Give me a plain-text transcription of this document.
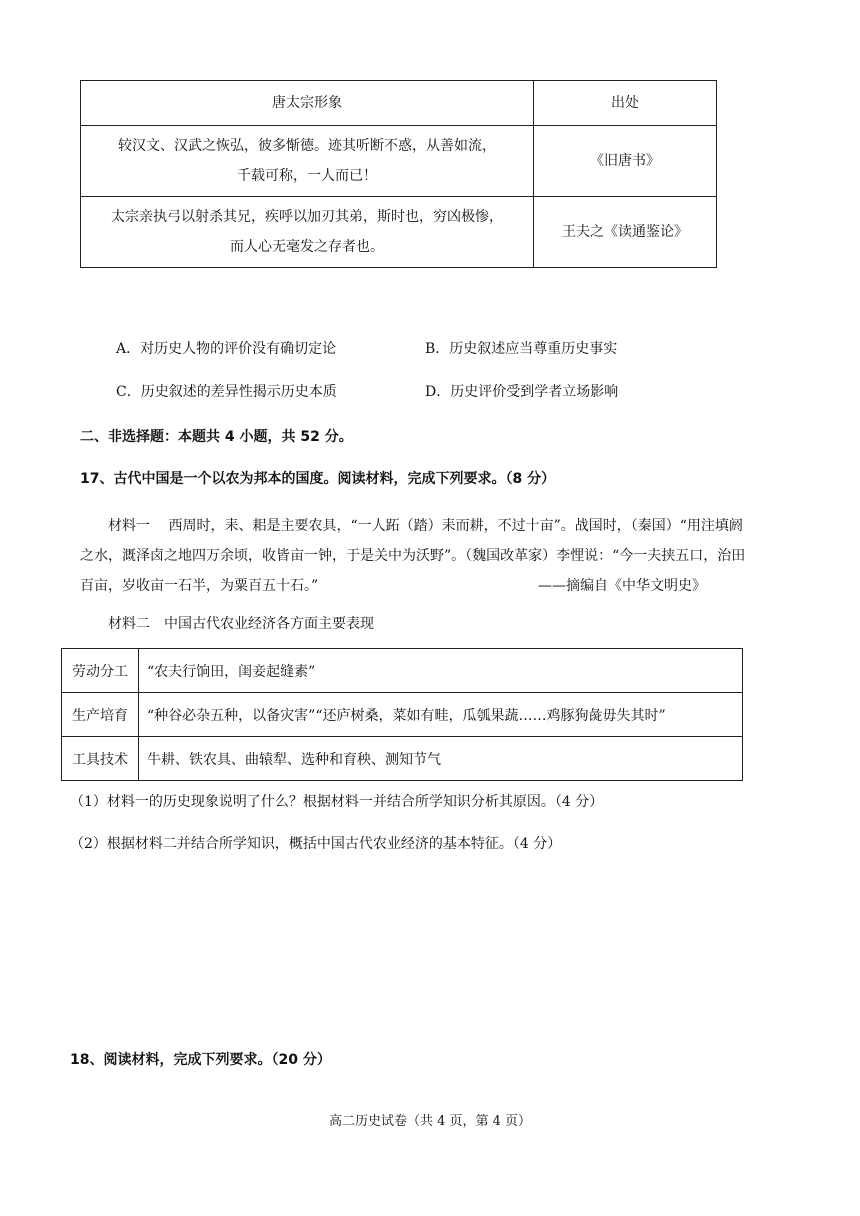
唐太宗形象	出处

较汉文、汉武之恢弘，彼多惭德。迹其听断不惑，从善如流，
千载可称，一人而已！	《旧唐书》

太宗亲执弓以射杀其兄，疾呼以加刃其弟，斯时也，穷凶极惨，
而人心无毫发之存者也。	王夫之《读通鉴论》
A．对历史人物的评价没有确切定论	B．历史叙述应当尊重历史事实
C．历史叙述的差异性揭示历史本质	D．历史评价受到学者立场影响
二、非选择题：本题共 4 小题，共 52 分。
17、古代中国是一个以农为邦本的国度。阅读材料，完成下列要求。（8 分）
材料一　 西周时，耒、耜是主要农具，“一人跖（踏）耒而耕，不过十亩”。战国时，（秦国）“用注填阏
之水，溉泽卤之地四万余顷，收皆亩一钟，于是关中为沃野”。（魏国改革家）李悝说：“今一夫挟五口，治田
百亩，岁收亩一石半，为粟百五十石。”	——摘编自《中华文明史》
材料二　中国古代农业经济各方面主要表现
劳动分工	“农夫行饷田，闺妾起缝素”
生产培育	“种谷必杂五种，以备灾害”“还庐树桑，菜如有畦，瓜瓠果蔬……鸡豚狗彘毋失其时”
工具技术	牛耕、铁农具、曲辕犁、选种和育秧、测知节气
（1）材料一的历史现象说明了什么？根据材料一并结合所学知识分析其原因。（4 分）
（2）根据材料二并结合所学知识，概括中国古代农业经济的基本特征。（4 分）
18、阅读材料，完成下列要求。（20 分）
高二历史试卷（共 4 页，第 4 页）
